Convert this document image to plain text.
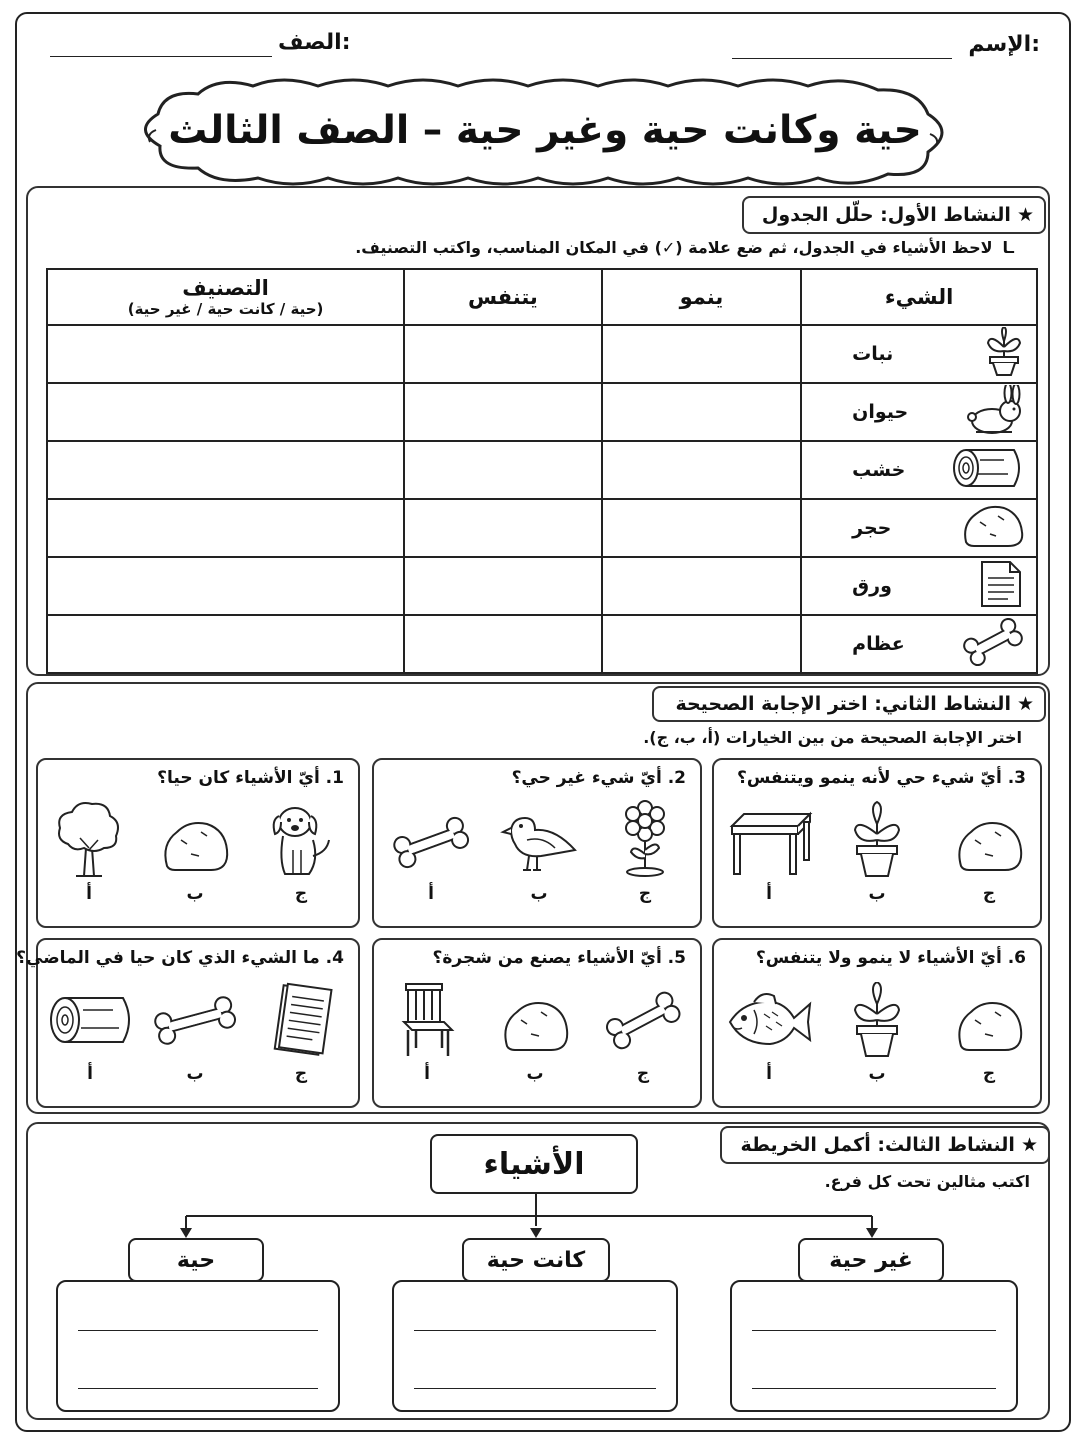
الإسم:
الصف:
حية وكانت حية وغير حية – الصف الثالث
★
النشاط الأول: حلّل الجدول
ـالاحظ الأشياء في الجدول، ثم ضع علامة (✓) في المكان المناسب، واكتب التصنيف.
الشيء	ينمو	يتنفس	التصنيف
(حية / كانت حية / غير حية)

نبات			

حيوان			

خشب			

حجر			

ورق			

عظام			

★
النشاط الثاني: اختر الإجابة الصحيحة
اختر الإجابة الصحيحة من بين الخيارات (أ، ب، ج).
3. أيّ شيء حي لأنه ينمو ويتنفس؟
2. أيّ شيء غير حي؟
1. أيّ الأشياء كان حيا؟
6. أيّ الأشياء لا ينمو ولا يتنفس؟
5. أيّ الأشياء يصنع من شجرة؟
4. ما الشيء الذي كان حيا في الماضي؟
أ	ب	ج	أ	ب	ج	أ	ب	ج
أ	ب	ج	أ	ب	ج	أ	ب	ج
★
النشاط الثالث: أكمل الخريطة
اكتب مثالين تحت كل فرع.
الأشياء
حية	كانت حية	غير حية
